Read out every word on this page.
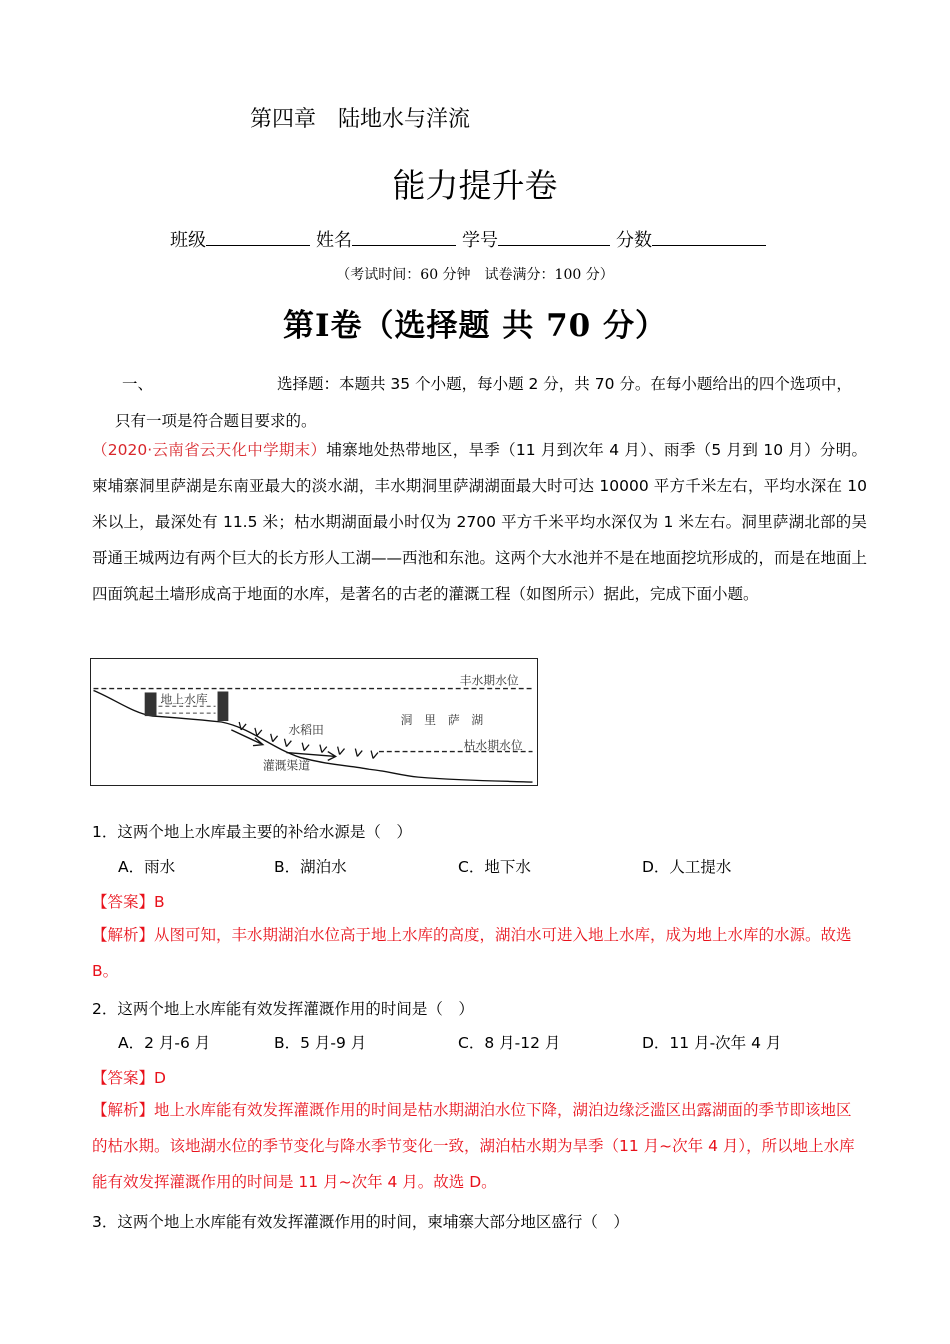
第四章 陆地水与洋流
能力提升卷
班级	姓名	学号	分数
（考试时间：60 分钟　试卷满分：100 分）
第I卷（选择题 共 70 分）
一、	选择题：本题共 35 个小题，每小题 2 分，共 70 分。在每小题给出的四个选项中，
只有一项是符合题目要求的。
（2020·云南省云天化中学期末）埔寨地处热带地区，旱季（11 月到次年 4 月）、雨季（5 月到 10 月）分明。柬埔寨洞里萨湖是东南亚最大的淡水湖，丰水期洞里萨湖湖面最大时可达 10000 平方千米左右，平均水深在 10 米以上，最深处有 11.5 米；枯水期湖面最小时仅为 2700 平方千米平均水深仅为 1 米左右。洞里萨湖北部的吴哥通王城两边有两个巨大的长方形人工湖——西池和东池。这两个大水池并不是在地面挖坑形成的，而是在地面上四面筑起土墙形成高于地面的水库，是著名的古老的灌溉工程（如图所示）据此，完成下面小题。
地上水库
丰水期水位
洞　里　萨　湖
水稻田
枯水期水位
灌溉渠道
1．这两个地上水库最主要的补给水源是（　）
A．雨水	B．湖泊水	C．地下水	D．人工提水
【答案】B
【解析】从图可知，丰水期湖泊水位高于地上水库的高度，湖泊水可进入地上水库，成为地上水库的水源。故选 B。
2．这两个地上水库能有效发挥灌溉作用的时间是（　）
A．2 月-6 月	B．5 月-9 月	C．8 月-12 月	D．11 月-次年 4 月
【答案】D
【解析】地上水库能有效发挥灌溉作用的时间是枯水期湖泊水位下降，湖泊边缘泛滥区出露湖面的季节即该地区的枯水期。该地湖水位的季节变化与降水季节变化一致，湖泊枯水期为旱季（11 月~次年 4 月），所以地上水库能有效发挥灌溉作用的时间是 11 月~次年 4 月。故选 D。
3．这两个地上水库能有效发挥灌溉作用的时间，柬埔寨大部分地区盛行（　）
